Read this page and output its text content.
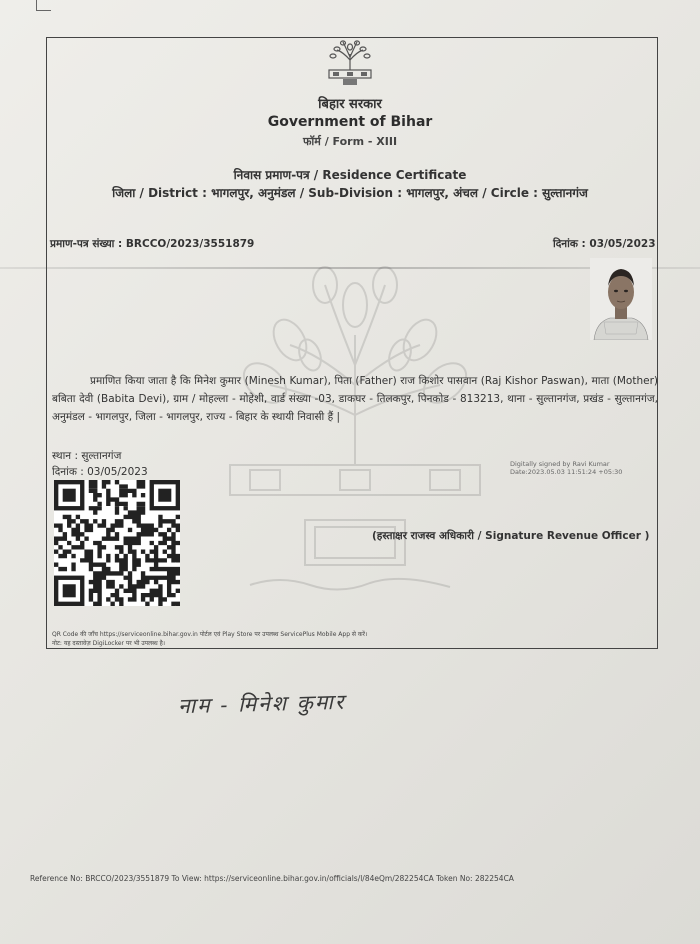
बिहार सरकार
Government of Bihar
फॉर्म / Form - XIII
निवास प्रमाण-पत्र / Residence Certificate
जिला / District : भागलपुर, अनुमंडल / Sub-Division : भागलपुर, अंचल / Circle : सुल्तानगंज
प्रमाण-पत्र संख्या : BRCCO/2023/3551879	दिनांक : 03/05/2023
प्रमाणित किया जाता है कि मिनेश कुमार (Minesh Kumar), पिता (Father) राज किशोर पासवान (Raj Kishor Paswan), माता (Mother) बबिता देवी (Babita Devi), ग्राम / मोहल्ला - मोहेशी, वार्ड संख्या -03, डाकघर - तिलकपुर, पिनकोड - 813213, थाना - सुल्तानगंज, प्रखंड - सुल्तानगंज, अनुमंडल - भागलपुर, जिला - भागलपुर, राज्य - बिहार के स्थायी निवासी हैं |
स्थान : सुल्तानगंज
दिनांक : 03/05/2023
Digitally signed by Ravi Kumar
Date:2023.05.03 11:51:24 +05:30
(हस्ताक्षर राजस्व अधिकारी / Signature Revenue Officer )
QR Code की जाँच https://serviceonline.bihar.gov.in पोर्टल एवं Play Store पर उपलब्ध ServicePlus Mobile App से करें।
नोट: यह दस्तावेज़ DigiLocker पर भी उपलब्ध है।
नाम - मिनेश कुमार
Reference No: BRCCO/2023/3551879 To View: https://serviceonline.bihar.gov.in/officials/l/84eQm/282254CA Token No: 282254CA
